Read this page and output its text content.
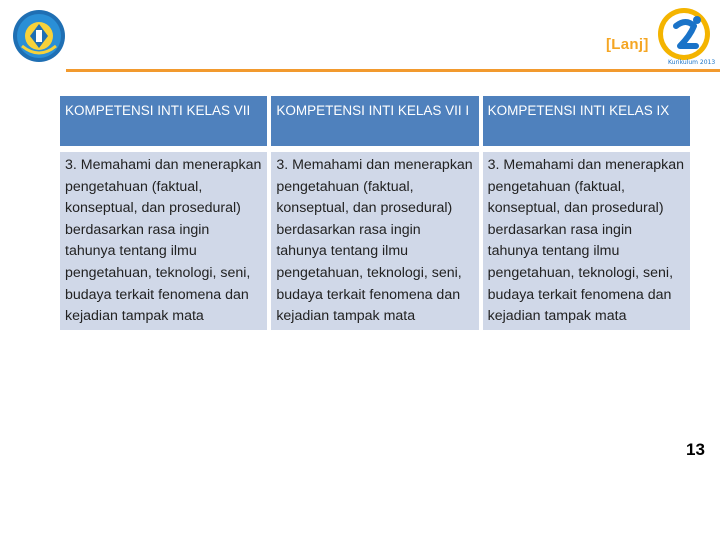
[Lanj]
Kurikulum 2013
KOMPETENSI INTI KELAS VII	KOMPETENSI INTI KELAS VII I	KOMPETENSI INTI KELAS IX
3. Memahami dan menerapkan pengetahuan (faktual, konseptual, dan prosedural) berdasarkan rasa ingin tahunya tentang ilmu pengetahuan, teknologi, seni, budaya terkait fenomena dan kejadian tampak mata	3. Memahami dan menerapkan pengetahuan (faktual, konseptual, dan prosedural) berdasarkan rasa ingin tahunya tentang ilmu pengetahuan, teknologi, seni, budaya terkait fenomena dan kejadian tampak mata	3. Memahami dan menerapkan pengetahuan (faktual, konseptual, dan prosedural) berdasarkan rasa ingin tahunya tentang ilmu pengetahuan, teknologi, seni, budaya terkait fenomena dan kejadian tampak mata
13
